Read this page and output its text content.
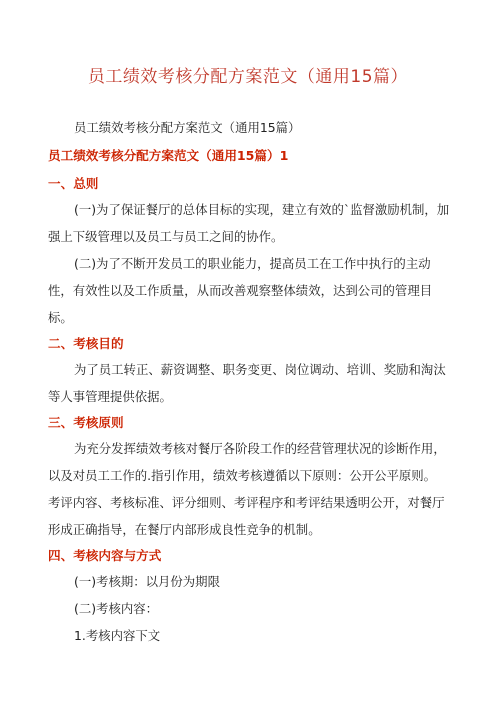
员工绩效考核分配方案范文（通用15篇）
员工绩效考核分配方案范文（通用15篇）
员工绩效考核分配方案范文（通用15篇）1
一、总则
(一)为了保证餐厅的总体目标的实现，建立有效的`监督激励机制，加
强上下级管理以及员工与员工之间的协作。
(二)为了不断开发员工的职业能力，提高员工在工作中执行的主动
性，有效性以及工作质量，从而改善观察整体绩效，达到公司的管理目
标。
二、考核目的
为了员工转正、薪资调整、职务变更、岗位调动、培训、奖励和淘汰
等人事管理提供依据。
三、考核原则
为充分发挥绩效考核对餐厅各阶段工作的经营管理状况的诊断作用，
以及对员工工作的.指引作用，绩效考核遵循以下原则：公开公平原则。
考评内容、考核标准、评分细则、考评程序和考评结果透明公开，对餐厅
形成正确指导，在餐厅内部形成良性竞争的机制。
四、考核内容与方式
(一)考核期：以月份为期限
(二)考核内容：
1.考核内容下文
